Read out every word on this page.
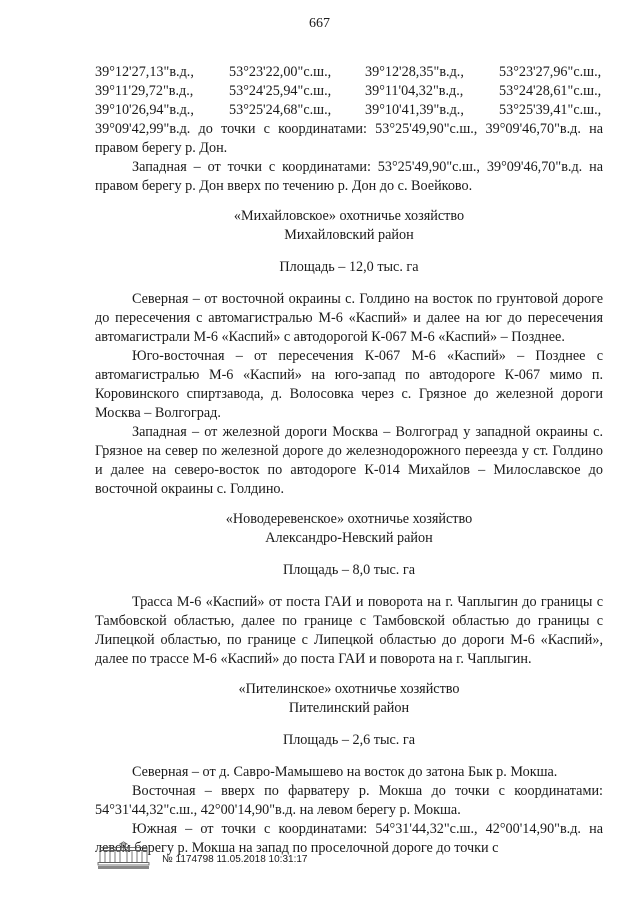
667
39°12'27,13"в.д.,	53°23'22,00"с.ш.,	39°12'28,35"в.д.,	53°23'27,96"с.ш.,
39°11'29,72"в.д.,	53°24'25,94"с.ш.,	39°11'04,32"в.д.,	53°24'28,61"с.ш.,
39°10'26,94"в.д.,	53°25'24,68"с.ш.,	39°10'41,39"в.д.,	53°25'39,41"с.ш.,

39°09'42,99"в.д. до точки с координатами: 53°25'49,90"с.ш., 39°09'46,70"в.д. на правом берегу р. Дон.

Западная – от точки с координатами: 53°25'49,90"с.ш., 39°09'46,70"в.д. на правом берегу р. Дон вверх по течению р. Дон до с. Воейково.

«Михайловское» охотничье хозяйство

Михайловский район

Площадь – 12,0 тыс. га

Северная – от восточной окраины с. Голдино на восток по грунтовой дороге до пересечения с автомагистралью М-6 «Каспий» и далее на юг до пересечения автомагистрали М-6 «Каспий» с автодорогой К-067 М-6 «Каспий» – Позднее.

Юго-восточная – от пересечения К-067 М-6 «Каспий» – Позднее с автомагистралью М-6 «Каспий» на юго-запад по автодороге К-067 мимо п. Коровинского спиртзавода, д. Волосовка через с. Грязное до железной дороги Москва – Волгоград.

Западная – от железной дороги Москва – Волгоград у западной окраины с. Грязное на север по железной дороге до железнодорожного переезда у ст. Голдино и далее на северо-восток по автодороге К-014 Михайлов – Милославское до восточной окраины с. Голдино.

«Новодеревенское» охотничье хозяйство

Александро-Невский район

Площадь – 8,0 тыс. га

Трасса М-6 «Каспий» от поста ГАИ и поворота на г. Чаплыгин до границы с Тамбовской областью, далее по границе с Тамбовской областью до границы с Липецкой областью, по границе с Липецкой областью до дороги М-6 «Каспий», далее по трассе М-6 «Каспий» до поста ГАИ и поворота на г. Чаплыгин.

«Пителинское» охотничье хозяйство

Пителинский район

Площадь – 2,6 тыс. га

Северная – от д. Савро-Мамышево на восток до затона Бык р. Мокша.

Восточная – вверх по фарватеру р. Мокша до точки с координатами: 54°31'44,32"с.ш., 42°00'14,90"в.д. на левом берегу р. Мокша.

Южная – от точки с координатами: 54°31'44,32"с.ш., 42°00'14,90"в.д. на левом берегу р. Мокша на запад по проселочной дороге до точки с

№ 1174798 11.05.2018 10:31:17
